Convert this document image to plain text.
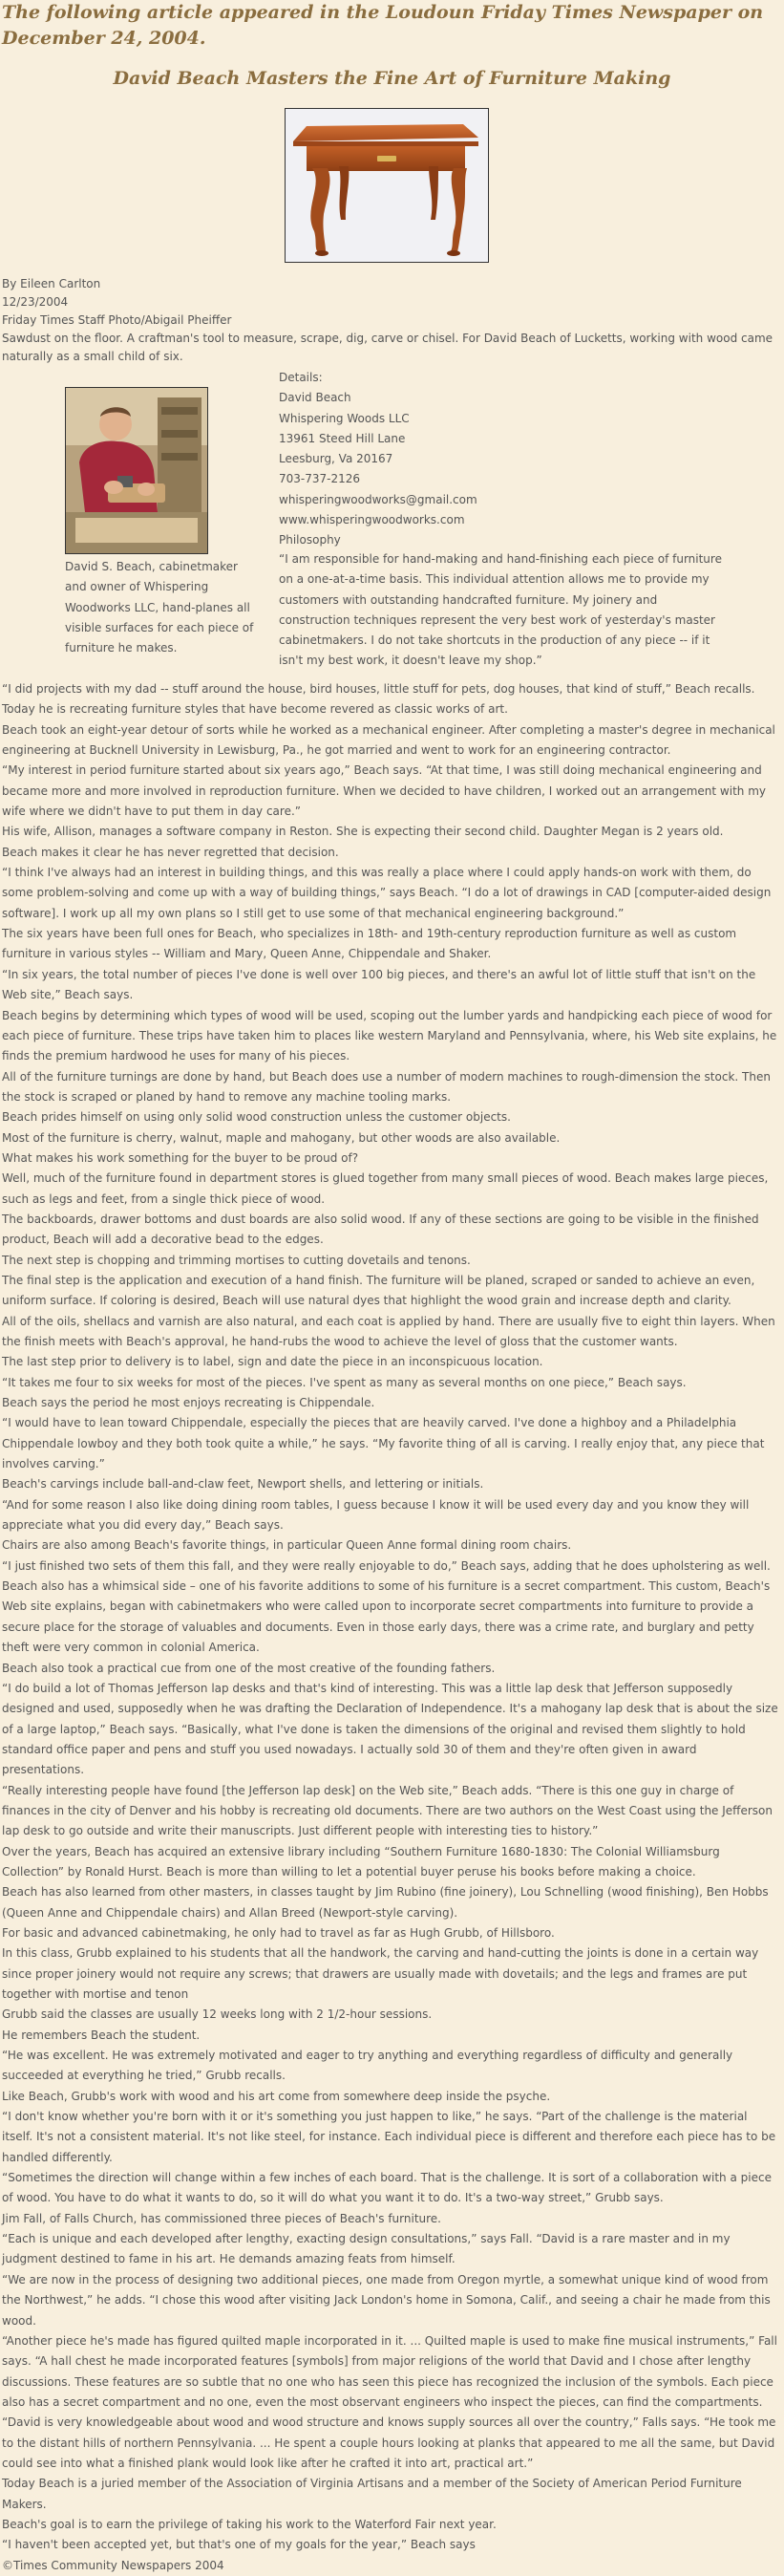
The following article appeared in the Loudoun Friday Times Newspaper on December 24, 2004.
David Beach Masters the Fine Art of Furniture Making
By Eileen Carlton
12/23/2004
Friday Times Staff Photo/Abigail Pheiffer
Sawdust on the floor. A craftman's tool to measure, scrape, dig, carve or chisel. For David Beach of Lucketts, working with wood came naturally as a small child of six.

David S. Beach, cabinetmaker and owner of Whispering Woodworks LLC, hand-planes all visible surfaces for each piece of furniture he makes.

Details:
David Beach
Whispering Woods LLC
13961 Steed Hill Lane
Leesburg, Va 20167
703-737-2126
whisperingwoodworks@gmail.com
www.whisperingwoodworks.com
Philosophy

“I am responsible for hand-making and hand-finishing each piece of furniture on a one-at-a-time basis. This individual attention allows me to provide my customers with outstanding handcrafted furniture. My joinery and construction techniques represent the very best work of yesterday's master cabinetmakers. I do not take shortcuts in the production of any piece -- if it isn't my best work, it doesn't leave my shop.”

“I did projects with my dad -- stuff around the house, bird houses, little stuff for pets, dog houses, that kind of stuff,” Beach recalls.

Today he is recreating furniture styles that have become revered as classic works of art.

Beach took an eight-year detour of sorts while he worked as a mechanical engineer. After completing a master's degree in mechanical engineering at Bucknell University in Lewisburg, Pa., he got married and went to work for an engineering contractor.

“My interest in period furniture started about six years ago,” Beach says. “At that time, I was still doing mechanical engineering and became more and more involved in reproduction furniture. When we decided to have children, I worked out an arrangement with my wife where we didn't have to put them in day care.”

His wife, Allison, manages a software company in Reston. She is expecting their second child. Daughter Megan is 2 years old.

Beach makes it clear he has never regretted that decision.

“I think I've always had an interest in building things, and this was really a place where I could apply hands-on work with them, do some problem-solving and come up with a way of building things,” says Beach. “I do a lot of drawings in CAD [computer-aided design software]. I work up all my own plans so I still get to use some of that mechanical engineering background.”

The six years have been full ones for Beach, who specializes in 18th- and 19th-century reproduction furniture as well as custom furniture in various styles -- William and Mary, Queen Anne, Chippendale and Shaker.

“In six years, the total number of pieces I've done is well over 100 big pieces, and there's an awful lot of little stuff that isn't on the Web site,” Beach says.

Beach begins by determining which types of wood will be used, scoping out the lumber yards and handpicking each piece of wood for each piece of furniture. These trips have taken him to places like western Maryland and Pennsylvania, where, his Web site explains, he finds the premium hardwood he uses for many of his pieces.

All of the furniture turnings are done by hand, but Beach does use a number of modern machines to rough-dimension the stock. Then the stock is scraped or planed by hand to remove any machine tooling marks.

Beach prides himself on using only solid wood construction unless the customer objects.

Most of the furniture is cherry, walnut, maple and mahogany, but other woods are also available.

What makes his work something for the buyer to be proud of?

Well, much of the furniture found in department stores is glued together from many small pieces of wood. Beach makes large pieces, such as legs and feet, from a single thick piece of wood.

The backboards, drawer bottoms and dust boards are also solid wood. If any of these sections are going to be visible in the finished product, Beach will add a decorative bead to the edges.

The next step is chopping and trimming mortises to cutting dovetails and tenons.

The final step is the application and execution of a hand finish. The furniture will be planed, scraped or sanded to achieve an even, uniform surface. If coloring is desired, Beach will use natural dyes that highlight the wood grain and increase depth and clarity.

All of the oils, shellacs and varnish are also natural, and each coat is applied by hand. There are usually five to eight thin layers. When the finish meets with Beach's approval, he hand-rubs the wood to achieve the level of gloss that the customer wants.

The last step prior to delivery is to label, sign and date the piece in an inconspicuous location.

“It takes me four to six weeks for most of the pieces. I've spent as many as several months on one piece,” Beach says.

Beach says the period he most enjoys recreating is Chippendale.

“I would have to lean toward Chippendale, especially the pieces that are heavily carved. I've done a highboy and a Philadelphia Chippendale lowboy and they both took quite a while,” he says. “My favorite thing of all is carving. I really enjoy that, any piece that involves carving.”

Beach's carvings include ball-and-claw feet, Newport shells, and lettering or initials.

“And for some reason I also like doing dining room tables, I guess because I know it will be used every day and you know they will appreciate what you did every day,” Beach says.

Chairs are also among Beach's favorite things, in particular Queen Anne formal dining room chairs.

“I just finished two sets of them this fall, and they were really enjoyable to do,” Beach says, adding that he does upholstering as well.

Beach also has a whimsical side – one of his favorite additions to some of his furniture is a secret compartment. This custom, Beach's Web site explains, began with cabinetmakers who were called upon to incorporate secret compartments into furniture to provide a secure place for the storage of valuables and documents. Even in those early days, there was a crime rate, and burglary and petty theft were very common in colonial America.

Beach also took a practical cue from one of the most creative of the founding fathers.

“I do build a lot of Thomas Jefferson lap desks and that's kind of interesting. This was a little lap desk that Jefferson supposedly designed and used, supposedly when he was drafting the Declaration of Independence. It's a mahogany lap desk that is about the size of a large laptop,” Beach says. “Basically, what I've done is taken the dimensions of the original and revised them slightly to hold standard office paper and pens and stuff you used nowadays. I actually sold 30 of them and they're often given in award presentations.

“Really interesting people have found [the Jefferson lap desk] on the Web site,” Beach adds. “There is this one guy in charge of finances in the city of Denver and his hobby is recreating old documents. There are two authors on the West Coast using the Jefferson lap desk to go outside and write their manuscripts. Just different people with interesting ties to history.”

Over the years, Beach has acquired an extensive library including “Southern Furniture 1680-1830: The Colonial Williamsburg Collection” by Ronald Hurst. Beach is more than willing to let a potential buyer peruse his books before making a choice.

Beach has also learned from other masters, in classes taught by Jim Rubino (fine joinery), Lou Schnelling (wood finishing), Ben Hobbs (Queen Anne and Chippendale chairs) and Allan Breed (Newport-style carving).

For basic and advanced cabinetmaking, he only had to travel as far as Hugh Grubb, of Hillsboro.

In this class, Grubb explained to his students that all the handwork, the carving and hand-cutting the joints is done in a certain way since proper joinery would not require any screws; that drawers are usually made with dovetails; and the legs and frames are put together with mortise and tenon

Grubb said the classes are usually 12 weeks long with 2 1/2-hour sessions.

He remembers Beach the student.

“He was excellent. He was extremely motivated and eager to try anything and everything regardless of difficulty and generally succeeded at everything he tried,” Grubb recalls.

Like Beach, Grubb's work with wood and his art come from somewhere deep inside the psyche.

“I don't know whether you're born with it or it's something you just happen to like,” he says. “Part of the challenge is the material itself. It's not a consistent material. It's not like steel, for instance. Each individual piece is different and therefore each piece has to be handled differently.

“Sometimes the direction will change within a few inches of each board. That is the challenge. It is sort of a collaboration with a piece of wood. You have to do what it wants to do, so it will do what you want it to do. It's a two-way street,” Grubb says.

Jim Fall, of Falls Church, has commissioned three pieces of Beach's furniture.

“Each is unique and each developed after lengthy, exacting design consultations,” says Fall. “David is a rare master and in my judgment destined to fame in his art. He demands amazing feats from himself.

“We are now in the process of designing two additional pieces, one made from Oregon myrtle, a somewhat unique kind of wood from the Northwest,” he adds. “I chose this wood after visiting Jack London's home in Somona, Calif., and seeing a chair he made from this wood.

“Another piece he's made has figured quilted maple incorporated in it. ... Quilted maple is used to make fine musical instruments,” Fall says. “A hall chest he made incorporated features [symbols] from major religions of the world that David and I chose after lengthy discussions. These features are so subtle that no one who has seen this piece has recognized the inclusion of the symbols. Each piece also has a secret compartment and no one, even the most observant engineers who inspect the pieces, can find the compartments.

“David is very knowledgeable about wood and wood structure and knows supply sources all over the country,” Falls says. “He took me to the distant hills of northern Pennsylvania. ... He spent a couple hours looking at planks that appeared to me all the same, but David could see into what a finished plank would look like after he crafted it into art, practical art.”

Today Beach is a juried member of the Association of Virginia Artisans and a member of the Society of American Period Furniture Makers.

Beach's goal is to earn the privilege of taking his work to the Waterford Fair next year.

“I haven't been accepted yet, but that's one of my goals for the year,” Beach says

©Times Community Newspapers 2004
